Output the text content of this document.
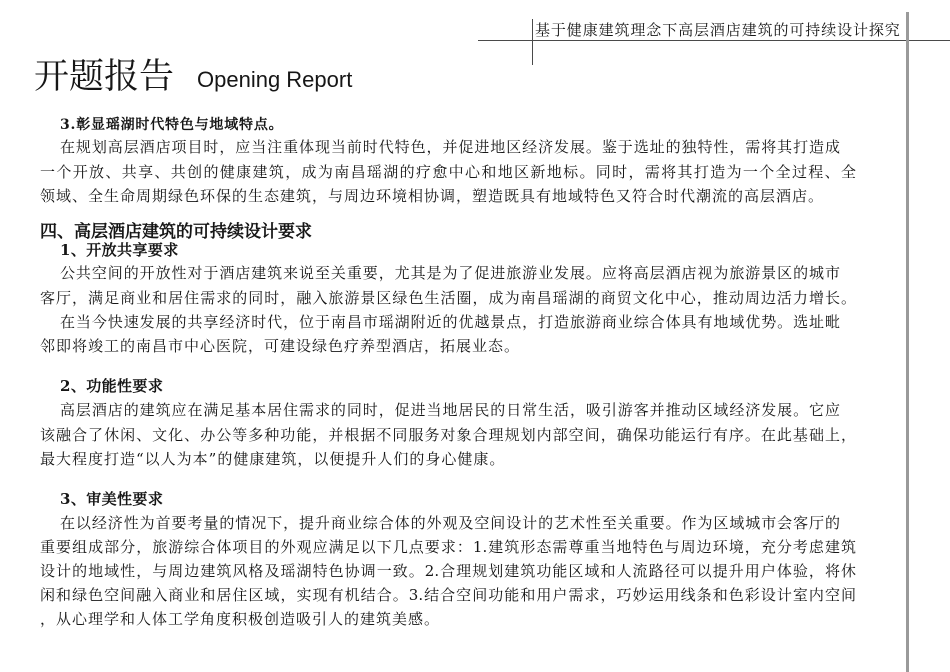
基于健康建筑理念下高层酒店建筑的可持续设计探究
开题报告 Opening Report
3.彰显瑶湖时代特色与地域特点。
在规划高层酒店项目时，应当注重体现当前时代特色，并促进地区经济发展。鉴于选址的独特性，需将其打造成
一个开放、共享、共创的健康建筑，成为南昌瑶湖的疗愈中心和地区新地标。同时，需将其打造为一个全过程、全
领域、全生命周期绿色环保的生态建筑，与周边环境相协调，塑造既具有地域特色又符合时代潮流的高层酒店。
四、高层酒店建筑的可持续设计要求
1、开放共享要求
公共空间的开放性对于酒店建筑来说至关重要，尤其是为了促进旅游业发展。应将高层酒店视为旅游景区的城市
客厅，满足商业和居住需求的同时，融入旅游景区绿色生活圈，成为南昌瑶湖的商贸文化中心，推动周边活力增长。
在当今快速发展的共享经济时代，位于南昌市瑶湖附近的优越景点，打造旅游商业综合体具有地域优势。选址毗
邻即将竣工的南昌市中心医院，可建设绿色疗养型酒店，拓展业态。
2、功能性要求
高层酒店的建筑应在满足基本居住需求的同时，促进当地居民的日常生活，吸引游客并推动区域经济发展。它应
该融合了休闲、文化、办公等多种功能，并根据不同服务对象合理规划内部空间，确保功能运行有序。在此基础上，
最大程度打造“以人为本”的健康建筑，以便提升人们的身心健康。
3、审美性要求
在以经济性为首要考量的情况下，提升商业综合体的外观及空间设计的艺术性至关重要。作为区域城市会客厅的
重要组成部分，旅游综合体项目的外观应满足以下几点要求：1.建筑形态需尊重当地特色与周边环境，充分考虑建筑
设计的地域性，与周边建筑风格及瑶湖特色协调一致。2.合理规划建筑功能区域和人流路径可以提升用户体验，将休
闲和绿色空间融入商业和居住区域，实现有机结合。3.结合空间功能和用户需求，巧妙运用线条和色彩设计室内空间
，从心理学和人体工学角度积极创造吸引人的建筑美感。
